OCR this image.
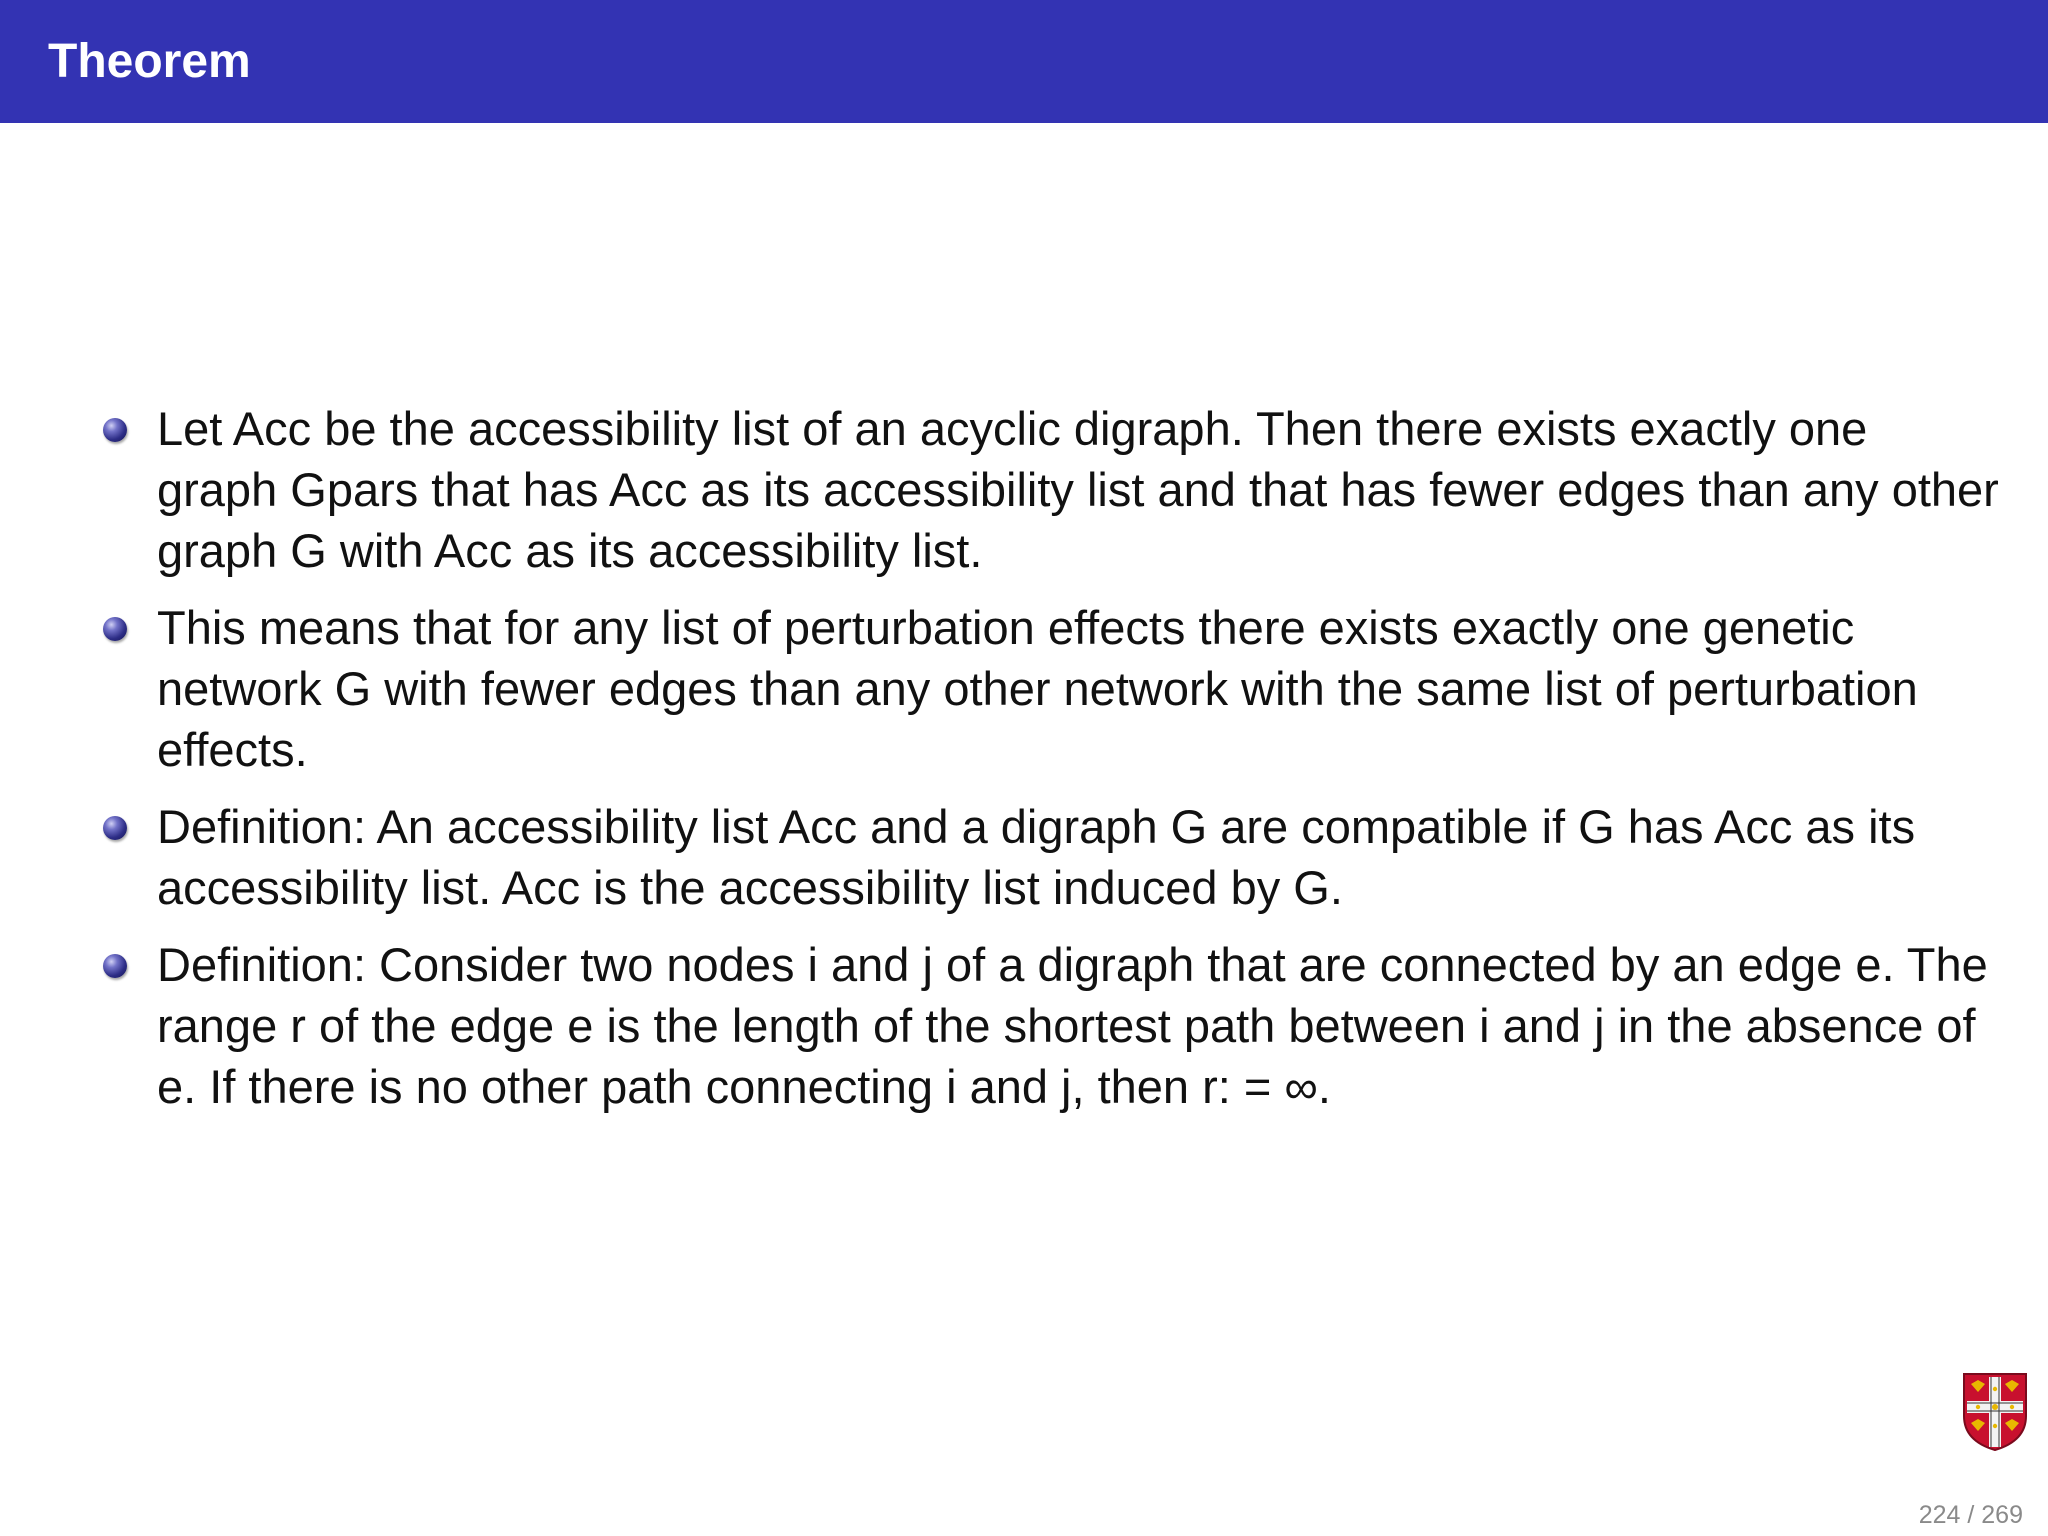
Theorem
Let Acc be the accessibility list of an acyclic digraph. Then there exists exactly one graph Gpars that has Acc as its accessibility list and that has fewer edges than any other graph G with Acc as its accessibility list.
This means that for any list of perturbation effects there exists exactly one genetic network G with fewer edges than any other network with the same list of perturbation effects.
Definition: An accessibility list Acc and a digraph G are compatible if G has Acc as its accessibility list. Acc is the accessibility list induced by G.
Definition: Consider two nodes i and j of a digraph that are connected by an edge e. The range r of the edge e is the length of the shortest path between i and j in the absence of e. If there is no other path connecting i and j, then r: = ∞.
224 / 269
